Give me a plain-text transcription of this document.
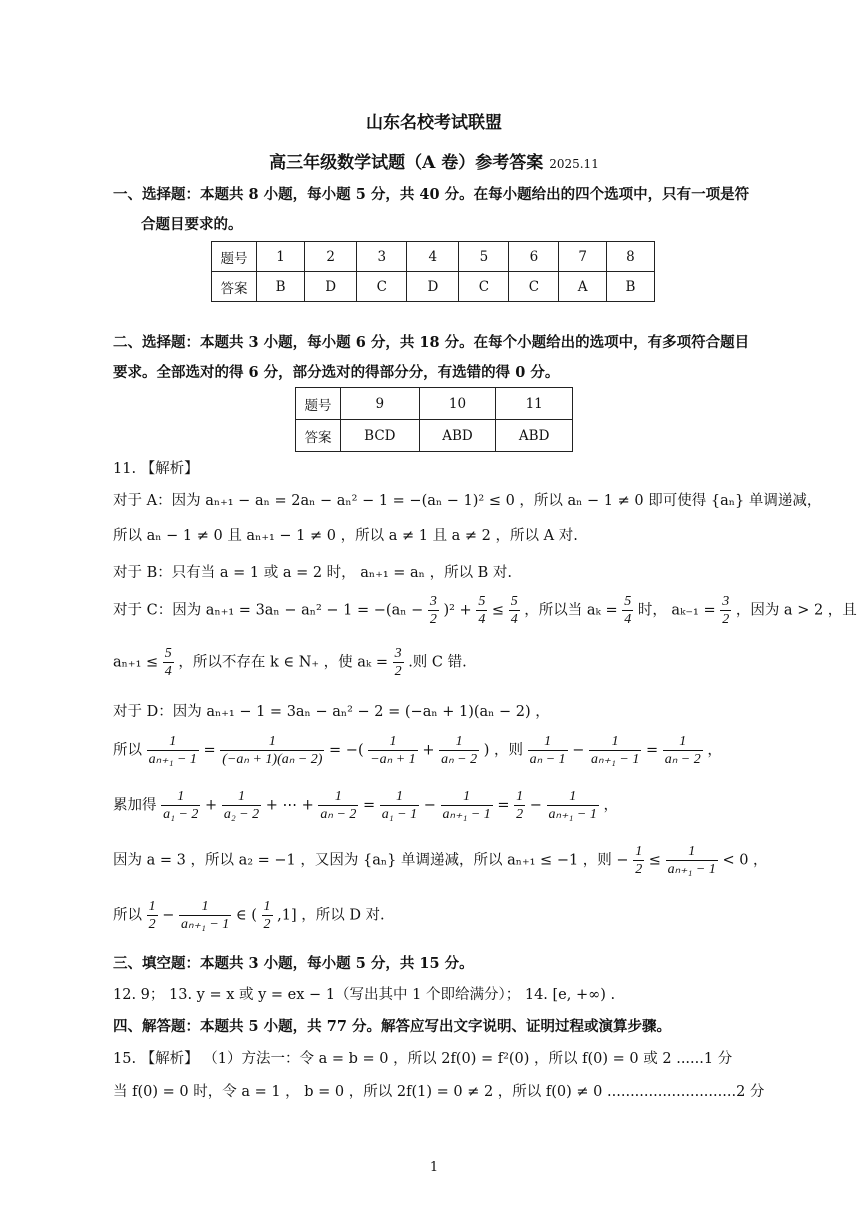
山东名校考试联盟
高三年级数学试题（A 卷）参考答案 2025.11
一、选择题：本题共 8 小题，每小题 5 分，共 40 分。在每小题给出的四个选项中，只有一项是符
合题目要求的。
题号	1	2	3	4	5	6	7	8
答案	B	D	C	D	C	C	A	B
二、选择题：本题共 3 小题，每小题 6 分，共 18 分。在每个小题给出的选项中，有多项符合题目
要求。全部选对的得 6 分，部分选对的得部分分，有选错的得 0 分。
题号	9	10	11
答案	BCD	ABD	ABD
11. 【解析】
对于 A：因为 aₙ₊₁ − aₙ = 2aₙ − aₙ² − 1 = −(aₙ − 1)² ≤ 0 ，所以 aₙ − 1 ≠ 0 即可使得 {aₙ} 单调递减，
所以 aₙ − 1 ≠ 0 且 aₙ₊₁ − 1 ≠ 0 ，所以 a ≠ 1 且 a ≠ 2 ，所以 A 对.
对于 B：只有当 a = 1 或 a = 2 时， aₙ₊₁ = aₙ ，所以 B 对.
对于 C：因为 $a_{n+1} = 3a_n - a_n^2 - 1 = -(a_n - \frac{3}{2} )^2 + \frac{5}{4} \le \frac{5}{4}$ ，所以当 $a_k = \frac{5}{4}$ 时， $a_{k-1} = \frac{3}{2}$ ，因为 a > 2 ，且
$a_{n+1} \le \frac{5}{4}$ ，所以不存在 k ∈ N₊ ，使 $a_k = \frac{3}{2}$ .则 C 错.
对于 D：因为 aₙ₊₁ − 1 = 3aₙ − aₙ² − 2 = (−aₙ + 1)(aₙ − 2) ，
所以 $\frac{1}{\text{aₙ₊₁ − 1}} = \frac{1}{\text{(−aₙ + 1)(aₙ − 2)}}$ = −( $\frac{1}{\text{−aₙ + 1}} + \frac{1}{\text{aₙ − 2}}$ ) ，则 $\frac{1}{\text{aₙ − 1}} - \frac{1}{\text{aₙ₊₁ − 1}} = \frac{1}{\text{aₙ − 2}}$ ，
累加得 $\frac{1}{\text{a₁ − 2}} + \frac{1}{\text{a₂ − 2}}$ + ⋯ + $\frac{1}{\text{aₙ − 2}} = \frac{1}{\text{a₁ − 1}} - \frac{1}{\text{aₙ₊₁ − 1}} = \frac{1}{2} - \frac{1}{\text{aₙ₊₁ − 1}}$ ，
因为 a = 3 ，所以 a₂ = −1 ，又因为 {aₙ} 单调递减，所以 aₙ₊₁ ≤ −1 ，则 − $\frac{1}{2} \le \frac{1}{\text{aₙ₊₁ − 1}} < 0$ ，
所以 $\frac{1}{2} - \frac{1}{\text{aₙ₊₁ − 1}}$ ∈ ( $\frac{1}{2} ,1$] ，所以 D 对.
三、填空题：本题共 3 小题，每小题 5 分，共 15 分。
12. 9； 13. y = x 或 y = ex − 1（写出其中 1 个即给满分）； 14. [e, +∞) .
四、解答题：本题共 5 小题，共 77 分。解答应写出文字说明、证明过程或演算步骤。
15. 【解析】 （1）方法一：令 a = b = 0 ，所以 2f(0) = f²(0) ，所以 f(0) = 0 或 2 ......1 分
当 f(0) = 0 时，令 a = 1 ， b = 0 ，所以 2f(1) = 0 ≠ 2 ，所以 f(0) ≠ 0 ............................2 分
1
